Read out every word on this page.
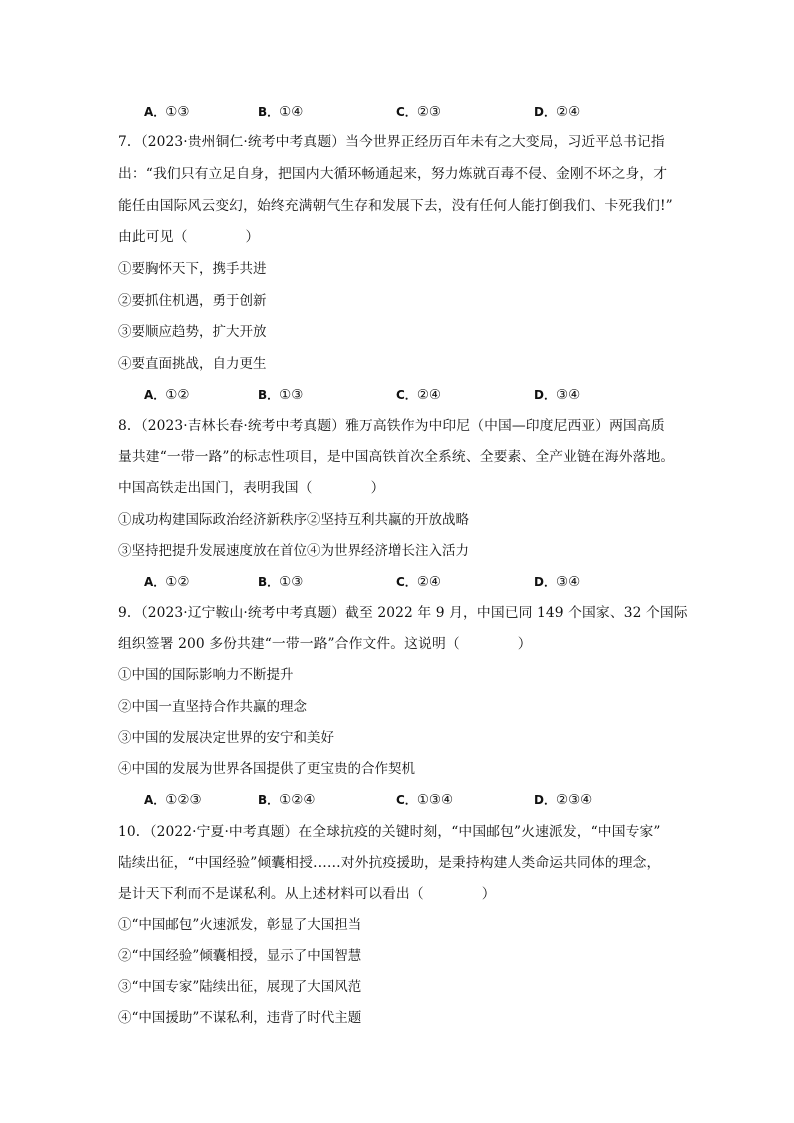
A．①③	B．①④	C．②③	D．②④
7．（2023·贵州铜仁·统考中考真题）当今世界正经历百年未有之大变局，习近平总书记指
出：“我们只有立足自身，把国内大循环畅通起来，努力炼就百毒不侵、金刚不坏之身，才
能任由国际风云变幻，始终充满朝气生存和发展下去，没有任何人能打倒我们、卡死我们!”
由此可见（	）
①要胸怀天下，携手共进
②要抓住机遇，勇于创新
③要顺应趋势，扩大开放
④要直面挑战，自力更生
A．①②	B．①③	C．②④	D．③④
8．（2023·吉林长春·统考中考真题）雅万高铁作为中印尼（中国—印度尼西亚）两国高质
量共建“一带一路”的标志性项目，是中国高铁首次全系统、全要素、全产业链在海外落地。
中国高铁走出国门，表明我国（	）
①成功构建国际政治经济新秩序②坚持互利共赢的开放战略
③坚持把提升发展速度放在首位④为世界经济增长注入活力
A．①②	B．①③	C．②④	D．③④
9．（2023·辽宁鞍山·统考中考真题）截至 2022 年 9 月，中国已同 149 个国家、32 个国际
组织签署 200 多份共建“一带一路”合作文件。这说明（	）
①中国的国际影响力不断提升
②中国一直坚持合作共赢的理念
③中国的发展决定世界的安宁和美好
④中国的发展为世界各国提供了更宝贵的合作契机
A．①②③	B．①②④	C．①③④	D．②③④
10．（2022·宁夏·中考真题）在全球抗疫的关键时刻，“中国邮包”火速派发，“中国专家”
陆续出征，“中国经验”倾囊相授……对外抗疫援助，是秉持构建人类命运共同体的理念，
是计天下利而不是谋私利。从上述材料可以看出（	）
①“中国邮包”火速派发，彰显了大国担当
②“中国经验”倾囊相授，显示了中国智慧
③“中国专家”陆续出征，展现了大国风范
④“中国援助”不谋私利，违背了时代主题
